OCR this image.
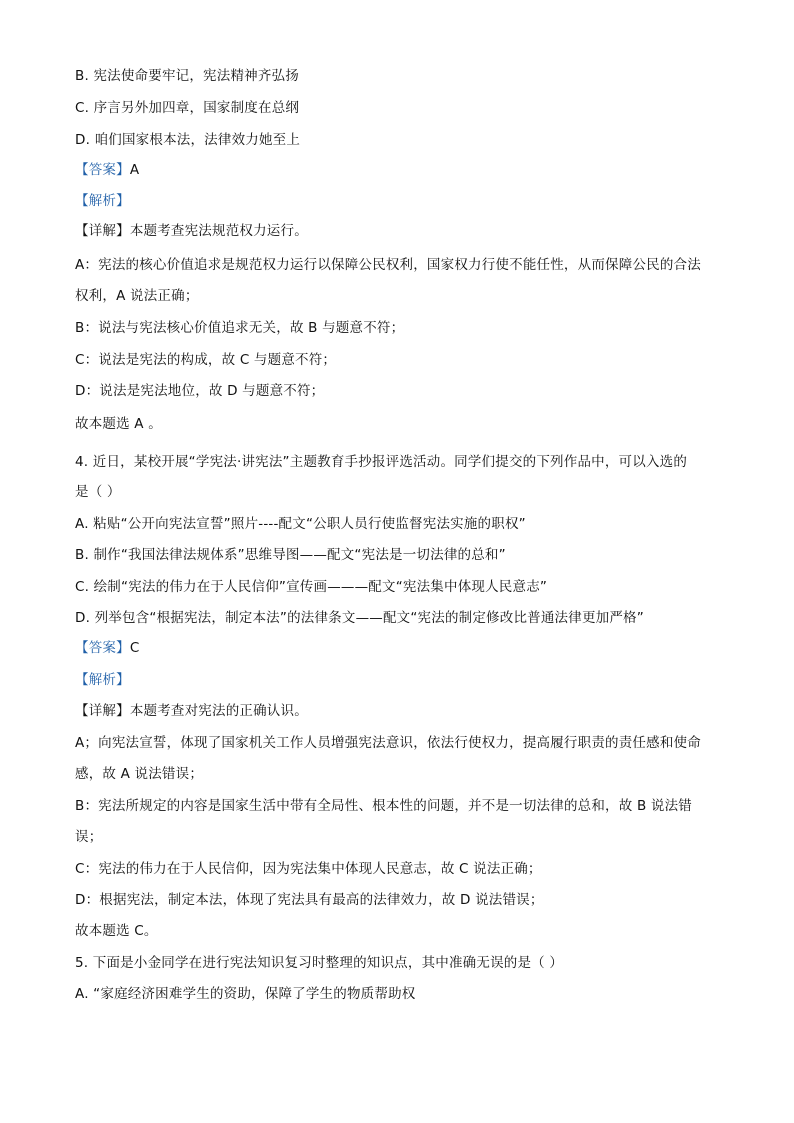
B. 宪法使命要牢记，宪法精神齐弘扬
C. 序言另外加四章，国家制度在总纲
D. 咱们国家根本法，法律效力她至上
【答案】A
【解析】
【详解】本题考查宪法规范权力运行。
A：宪法的核心价值追求是规范权力运行以保障公民权利，国家权力行使不能任性，从而保障公民的合法
权利，A 说法正确；
B：说法与宪法核心价值追求无关，故 B 与题意不符；
C：说法是宪法的构成，故 C 与题意不符；
D：说法是宪法地位，故 D 与题意不符；
故本题选 A 。
4. 近日，某校开展“学宪法·讲宪法”主题教育手抄报评选活动。同学们提交的下列作品中，可以入选的
是（ ）
A. 粘贴“公开向宪法宣誓”照片----配文“公职人员行使监督宪法实施的职权”
B. 制作“我国法律法规体系”思维导图——配文“宪法是一切法律的总和”
C. 绘制“宪法的伟力在于人民信仰”宣传画———配文“宪法集中体现人民意志”
D. 列举包含“根据宪法，制定本法”的法律条文——配文“宪法的制定修改比普通法律更加严格”
【答案】C
【解析】
【详解】本题考查对宪法的正确认识。
A；向宪法宣誓，体现了国家机关工作人员增强宪法意识，依法行使权力，提高履行职责的责任感和使命
感，故 A 说法错误；
B：宪法所规定的内容是国家生活中带有全局性、根本性的问题，并不是一切法律的总和，故 B 说法错
误；
C：宪法的伟力在于人民信仰，因为宪法集中体现人民意志，故 C 说法正确；
D：根据宪法，制定本法，体现了宪法具有最高的法律效力，故 D 说法错误；
故本题选 C。
5. 下面是小金同学在进行宪法知识复习时整理的知识点，其中准确无误的是（ ）
A. “家庭经济困难学生的资助，保障了学生的物质帮助权
